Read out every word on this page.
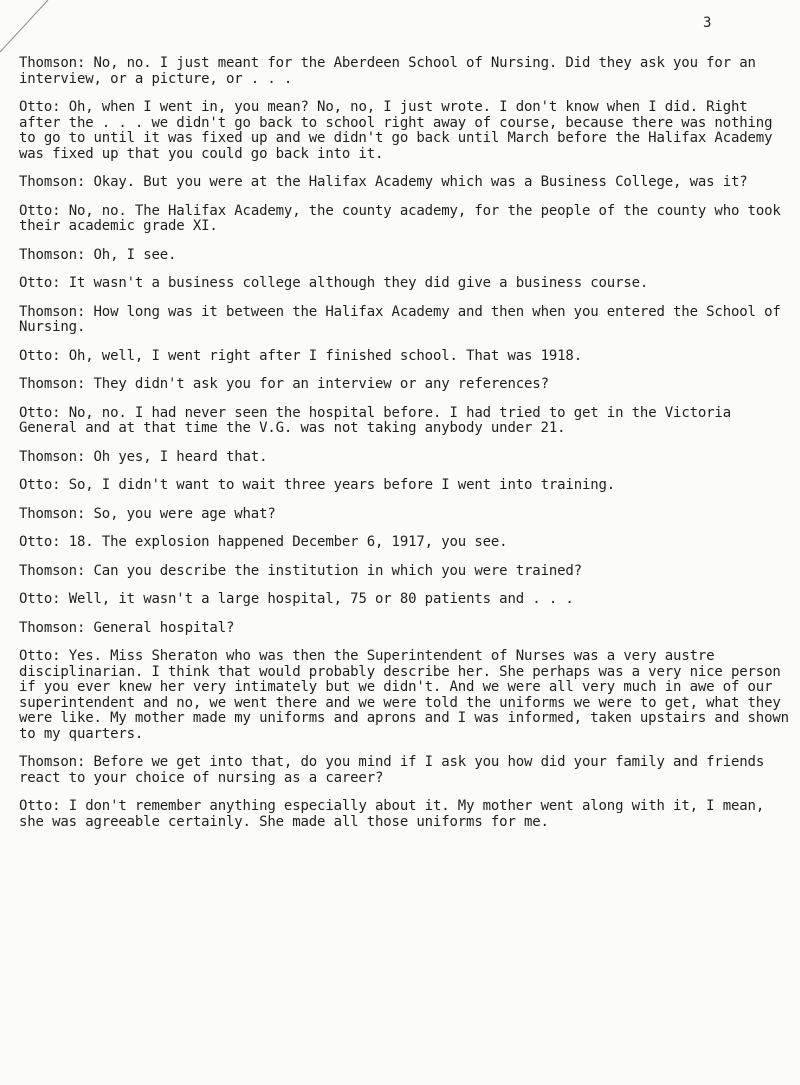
3
Thomson: No, no. I just meant for the Aberdeen School of Nursing. Did they ask you for an interview, or a picture, or . . .
Otto: Oh, when I went in, you mean? No, no, I just wrote. I don't know when I did. Right after the . . . we didn't go back to school right away of course, because there was nothing to go to until it was fixed up and we didn't go back until March before the Halifax Academy was fixed up that you could go back into it.
Thomson: Okay. But you were at the Halifax Academy which was a Business College, was it?
Otto: No, no. The Halifax Academy, the county academy, for the people of the county who took their academic grade XI.
Thomson: Oh, I see.
Otto: It wasn't a business college although they did give a business course.
Thomson: How long was it between the Halifax Academy and then when you entered the School of Nursing.
Otto: Oh, well, I went right after I finished school. That was 1918.
Thomson: They didn't ask you for an interview or any references?
Otto: No, no. I had never seen the hospital before. I had tried to get in the Victoria General and at that time the V.G. was not taking anybody under 21.
Thomson: Oh yes, I heard that.
Otto: So, I didn't want to wait three years before I went into training.
Thomson: So, you were age what?
Otto: 18. The explosion happened December 6, 1917, you see.
Thomson: Can you describe the institution in which you were trained?
Otto: Well, it wasn't a large hospital, 75 or 80 patients and . . .
Thomson: General hospital?
Otto: Yes. Miss Sheraton who was then the Superintendent of Nurses was a very austre disciplinarian. I think that would probably describe her. She perhaps was a very nice person if you ever knew her very intimately but we didn't. And we were all very much in awe of our superintendent and no, we went there and we were told the uniforms we were to get, what they were like. My mother made my uniforms and aprons and I was informed, taken upstairs and shown to my quarters.
Thomson: Before we get into that, do you mind if I ask you how did your family and friends react to your choice of nursing as a career?
Otto: I don't remember anything especially about it. My mother went along with it, I mean, she was agreeable certainly. She made all those uniforms for me.
